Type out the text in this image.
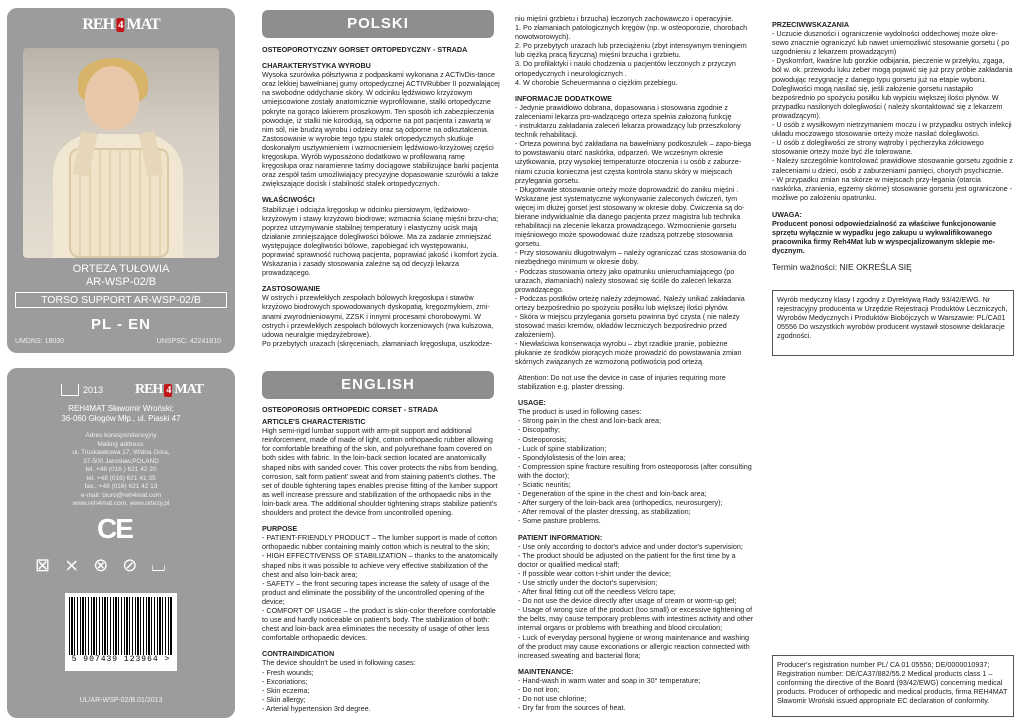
REH 4 MAT
ORTEZA TUŁOWIA
AR-WSP-02/B
TORSO SUPPORT AR-WSP-02/B
PL - EN
UMDNS: 18030	UNSPSC: 42241810
2013 REH 4 MAT
REH4MAT Sławomir Wroński;
36-060 Głogów Młp., ul. Piaski 47
Adres korespondencyjny
Mailing address:
ul. Truskawkowa 17, Widna Góra,
37-500 Jarosław,POLAND
tel. +48 (016 ) 621 42 20
tel. +48 (016) 621 41 35
fax.: +48 (016) 621 42 13
e-mail: biuro@reh4mat.com
www.reh4mat.com, www.ortezy.pl
CE
⊠ ⨯ ⊗ ⊘ ⌴
5 907439 123964 >
UL/AR-WSP-02/B.01/2013
POLSKI

OSTEOPOROTYCZNY GORSET ORTOPEDYCZNY - STRADA

CHARAKTERYSTYKA WYROBU

Wysoka szurówka półsztywna z podpaskami wykonana z ACTivDis-tance oraz lekkiej bawełnianej gumy ortopedycznej ACTIVRubber II pozwalającej na swobodne oddychanie skóry. W odcinku lędźwiowo krzyżowym umiejscowione zostały anatomicznie wyprofilowane, stalki ortopedyczne pokryte na gorąco lakierem proszkowym. Ten sposób ich zabezpieczenia powoduje, iż stalki nie korodują, są odporne na pot pacjenta i zawartą w nim sól, nie brudzą wyrobu i odzieży oraz są odporne na odkształcenia. Zastosowanie w wyrobie tego typu stalek ortopedycznych skutkuje doskonałym usztywnieniem i wzmocnieniem lędźwiowo-krzyżowej części kręgosłupa. Wyrób wyposażono dodatkowo w profilowaną ramę kręgosłupa oraz naramienne taśmy dociągowe stabilizujące barki pacjenta oraz zespół taśm umożliwiający precyzyjne dopasowanie szurówki a także zwiększające docisk i stabilność stalek ortopedycznych.

WŁAŚCIWOŚCI

Stabilizuje i odciąża kręgosłup w odcinku piersiowym, lędźwiowo-krzyżowym i stawy krzyżowo biodrowe; wzmacnia ścianę mięśni brzu-cha; poprzez utrzymywanie stabilnej temperatury i elastyczny ucisk mają działanie zmniejszające dolegliwości bólowe. Ma za zadanie zmniejszać występujące dolegliwości bólowe, zapobiegać ich występowaniu, poprawiać sprawność ruchową pacjenta, poprawiać jakość i komfort życia. Wskazania i zasady stosowania zależne są od decyzji lekarza prowadzącego.

ZASTOSOWANIE

W ostrych i przewlekłych zespołach bólowych kręgosłupa i stawów krzyżowo biodrowych spowodowanych dyskopatią, kręgozmykiem, zmi-anami zwyrodnieniowymi, ZZSK i innymi procesami chorobowymi. W ostrych i przewlekłych zespołach bólowych korzeniowych (rwa kulszowa, udowa neuralgie międzyżebrowe).
Po przebytych urazach (skręceniach, złamaniach kręgosłupa, uszkodze-

niu mięśni grzbietu i brzucha) leczonych zachowawczo i operacyjnie.
1. Po złamaniach patologicznych kręgów (np. w osteoporozie, chorobach nowotworowych).
2. Po przebytych urazach lub przeciążeniu (zbyt intensywnym treningiem lub ciężką pracą fizyczną) mięśni brzucha i grzbietu.
3. Do profilaktyki i nauki chodzenia u pacjentów leczonych z przyczyn ortopedycznych i neurologicznych .
4. W chorobie Scheuermanna o ciężkim przebiegu.

INFORMACJE DODATKOWE

- Jedynie prawidłowo dobrana, dopasowana i stosowana zgodnie z zaleceniami lekarza pro-wadzącego orteza spełnia założoną funkcję
- instruktarzu zakładania zaleceń lekarza prowadzący lub przeszkolony technik rehabilitacji.
- Orteza powinna być zakładana na bawełniany podkoszulek – zapo-biega to powstawaniu otarć naskórka, odparzeń. We wczesnym okresie użytkowania, przy wysokiej temperaturze otoczenia i u osób z zaburze-niami czucia konieczna jest częsta kontrola stanu skóry w miejscach przylegania gorsetu.
- Długotrwałe stosowanie orteży może doprowadzić do zaniku mięśni . Wskazane jest systematyczne wykonywanie zaleconych ćwiczeń, tym więcej im dłużej gorset jest stosowany w okresie doby. Ćwiczenia są do-bierane indywidualnie dla danego pacjenta przez magistra lub technika rehabilitacji na zlecenie lekarza prowadzącego. Wzmocnienie gorsetu mięśniowego może spowodować duże rzadszą potrzebę stosowania gorsetu.
- Przy stosowaniu długotrwałym – należy ograniczać czas stosowania do niezbędnego minimum w okresie doby.
- Podczas stosowania orteży jako opatrunku unieruchamiającego (po urazach, złamaniach) należy stosować się ściśle do zaleceń lekarza prowadzącego.
- Podczas postłków orteżę należy zdejmować. Należy unikać zakładania orteży bezpośrednio po spożyciu posiłku lub większej ilości płynów.
- Skóra w miejscu przylegania gorsetu powinna być czysta ( nie należy stosować maści kremów, okładów leczniczych bezpośrednio przed założeniem).
- Niewłaściwa konserwacja wyrobu – zbyt rzadkie pranie, pobieżne płukanie ze środków piorących może prowadzić do powstawania zmian skórnych związanych ze wzmożoną potliwością pod orteżą.

PRZECIWWSKAZANIA

- Uczucie duszności i ograniczenie wydolności oddechowej może okre-sowo znacznie ograniczyć lub nawet uniemożliwić stosowanie gorsetu ( po uzgodnieniu z lekarzem prowadzącym)
- Dyskomfort, kwaśne lub gorzkie odbijania, pieczenie w przełyku, zgaga, ból w. ok. przewodu luku żeber mogą pojawić się już przy próbie zakładania powodując rezygnację z danego typu gorsetu już na etapie wyboru. Dolegliwości mogą nasilać się, jeśli założenie gorsetu nastąpiło bezpośrednio po spożyciu posiłku lub wypiciu większej ilości płynów. W przypadku nasilonych dolegliwości ( należy skontaktować się z lekarzem prowadzącym).
- U osób z wysiłkowym nietrzymaniem moczu i w przypadku ostrych infekcji układu moczowego stosowanie orteży może nasilać dolegliwości.
- U osób z dolegliwości ze strony wątroby i pęcherzyka żółciowego stosowanie orteży może być źle tolerowane.
- Należy szczególnie kontrolować prawidłowe stosowanie gorsetu zgodnie z zaleceniami u dzieci, osób z zaburzeniami pamięci, chorych psychicznie.
- W przypadku zmian na skórze w miejscach przy-legania (otarcia naskórka, zranienia, egzemy skórne) stosowanie gorsetu jest ograniczone - możliwe po założeniu opatrunku.

UWAGA:

Producent ponosi odpowiedzialność za właściwe funkcjonowanie sprzętu wyłącznie w wypadku jego zakupu u wykwalifikowanego pracownika firmy Reh4Mat lub w wyspecjalizowanym sklepie me-dycznym.

Termin ważności: NIE OKREŚLA SIĘ

Wyrób medyczny klasy I zgodny z Dyrektywą Rady 93/42/EWG. Nr rejestracyjny producenta w Urzędzie Rejestracji Produktów Leczniczych, Wyrobów Medycznych i Produktów Biobójczych w Warszawie: PL/CA01 05556 Do wszystkich wyrobów producent wystawił stosowne deklaracje zgodności.

ENGLISH

OSTEOPOROSIS ORTHOPEDIC CORSET - STRADA

ARTICLE'S CHARACTERISTIC

High semi-rigid lumbar support with arm-pit support and additional reinforcement, made of made of light, cotton orthopaedic rubber allowing for comfortable breathing of the skin, and polyurethane foam covered on both sides with fabric. In the loin-back section located are anatomically shaped nibs with sanded cover. This cover protects the nibs from bending, corrosion, salt form patient' sweat and from staining patient's clothes. The set of double tightening tapes enables precise fitting of the lumber support as well increase pressure and stabilization of the orthopaedic nibs in the loin-back area. The additional shoulder tightening straps stabilize patient's shoulders and protect the device from uncontrolled opening.

PURPOSE

- PATIENT-FRIENDLY PRODUCT – The lumber support is made of cotton orthopaedic rubber containing mainly cotton which is neutral to the skin;
- HIGH EFFECTIVENSS OF STABILIZATION – thanks to the anatomically shaped nibs it was possible to achieve very effective stabilization of the chest and also loin-back area;
- SAFETY – the front securing tapes increase the safety of usage of the product and eliminate the possibility of the uncontrolled opening of the device;
- COMFORT OF USAGE – the product is skin-color therefore comfortable to use and hardly noticeable on patient's body. The stabilization of both: chest and loin-back area eliminates the necessity of usage of other less comfortable orthopaedic devices.

CONTRAINDICATION

The device shouldn't be used in following cases:
- Fresh wounds;
- Excoriations;
- Skin eczema;
- Skin allergy;
- Arterial hypertension 3rd degree.

Attention: Do not use the device in case of injuries requiring more stabilization e.g. plaster dressing.

USAGE:

The product is used in following cases:
- Strong pain in the chest and loin-back area;
- Discopathy;
- Osteoporosis;
- Luck of spine stabilization;
- Spondylolistesis of the loin area;
- Compression spine fracture resulting from osteoporosis (after consulting with the doctor);
- Sciatic neuritis;
- Degeneration of the spine in the chest and loin-back area;
- After surgery of the loin-back area (orthopedics, neurosurgery);
- After removal of the plaster dressing, as stabilization;
- Some pasture problems.

PATIENT INFORMATION:

- Use only according to doctor's advice and under doctor's supervision;
- The product should be adjusted on the patient for the first time by a doctor or qualified medical staff;
- If possible wear cotton t-shirt under the device;
- Use strictly under the doctor's supervision;
- After final fitting cut off the needless Velcro tape;
- Do not use the device directly after usage of cream or worm-up gel;
- Usage of wrong size of the product (too small) or excessive tightening of the belts, may cause temporary problems with intestines activity and other internal organs or problems with breathing and blood circulation;
- Luck of everyday personal hygiene or wrong maintenance and washing of the product may cause excoriations or allergic reaction connected with increased sweating and bacterial flora;

MAINTENANCE:

- Hand-wash in warm water and soap in 30° temperature;
- Do not iron;
- Do not use chlorine;
- Dry far from the sources of heat.

Producer's registration number PL/ CA 01 05556; DE/0000010937; Registration number: DE/CA37/882/55.2 Medical products class 1 – conforming the directive of the Board (93/42/EWG) concerning medical products. Producer of orthopedic and medical products, firma REH4MAT Sławomir Wroński issued appropriate EC declaration of conformity.
